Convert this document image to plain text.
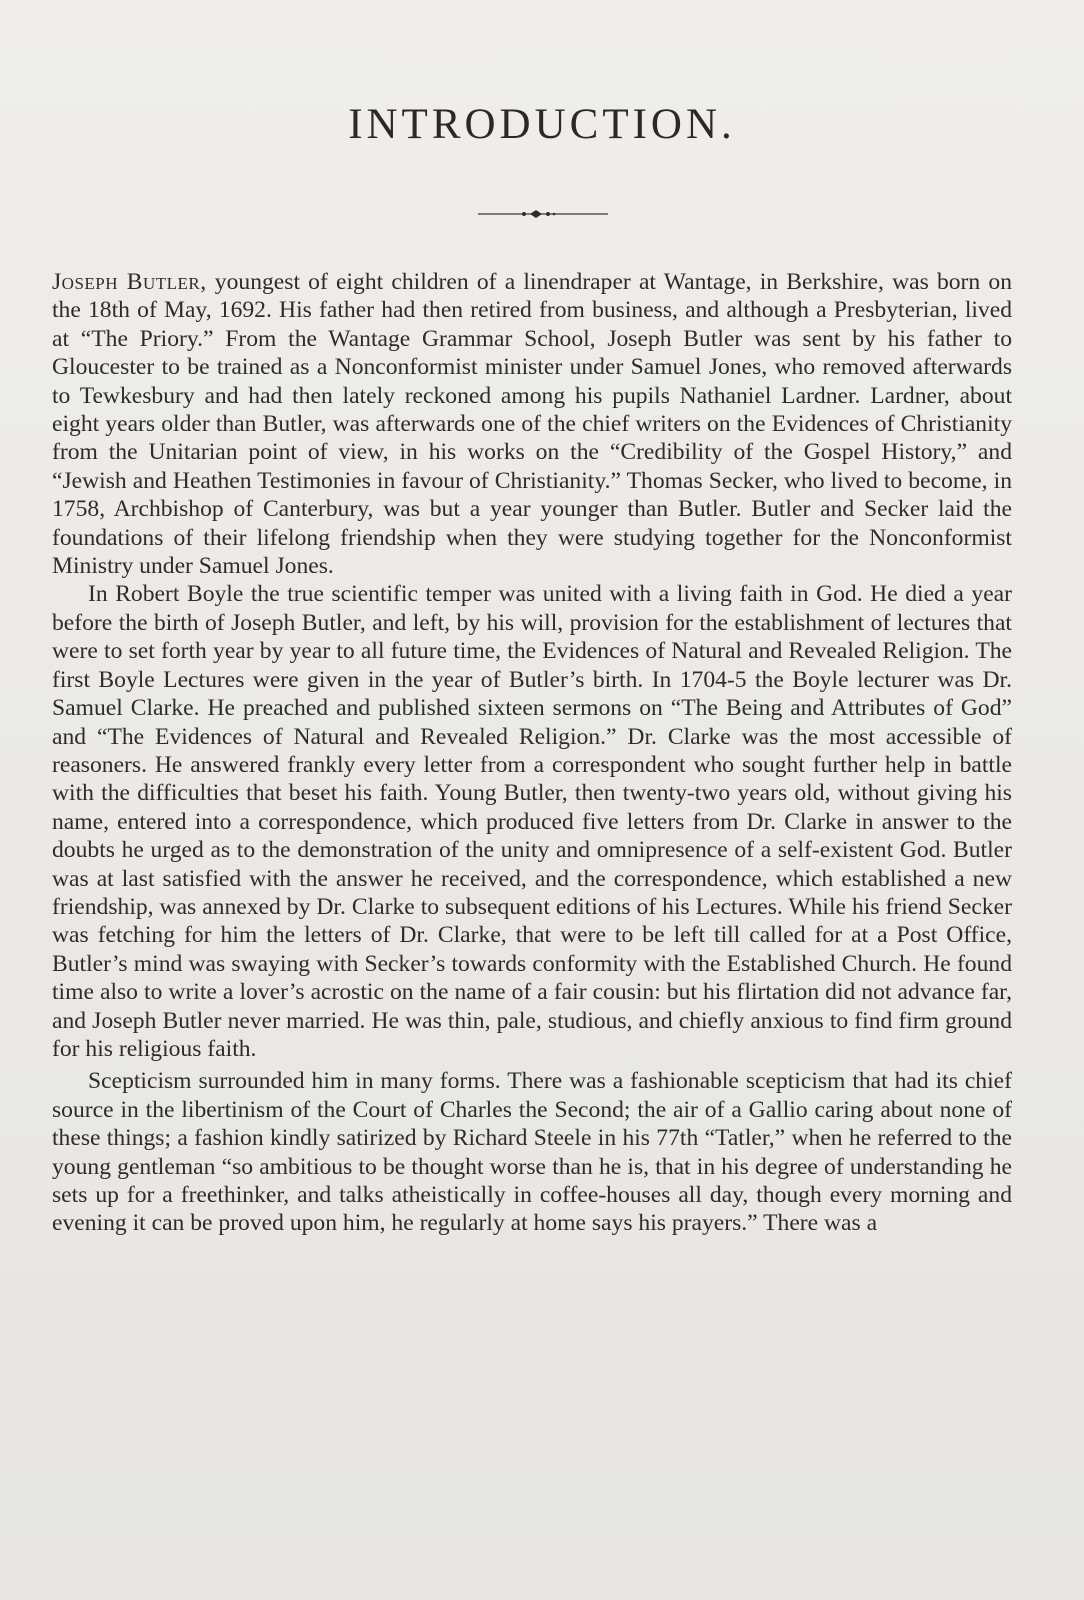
INTRODUCTION.

Joseph Butler, youngest of eight children of a linendraper at Wantage, in Berkshire, was born on the 18th of May, 1692. His father had then retired from business, and although a Presbyterian, lived at “The Priory.” From the Wantage Grammar School, Joseph Butler was sent by his father to Gloucester to be trained as a Nonconformist minister under Samuel Jones, who removed afterwards to Tewkesbury and had then lately reckoned among his pupils Nathaniel Lardner. Lardner, about eight years older than Butler, was afterwards one of the chief writers on the Evidences of Christianity from the Unitarian point of view, in his works on the “Credibility of the Gospel History,” and “Jewish and Heathen Testimonies in favour of Christianity.” Thomas Secker, who lived to become, in 1758, Archbishop of Canterbury, was but a year younger than Butler. Butler and Secker laid the foundations of their lifelong friendship when they were studying together for the Nonconformist Ministry under Samuel Jones.

In Robert Boyle the true scientific temper was united with a living faith in God. He died a year before the birth of Joseph Butler, and left, by his will, provision for the establishment of lectures that were to set forth year by year to all future time, the Evidences of Natural and Revealed Religion. The first Boyle Lectures were given in the year of Butler’s birth. In 1704-5 the Boyle lecturer was Dr. Samuel Clarke. He preached and published sixteen sermons on “The Being and Attributes of God” and “The Evidences of Natural and Revealed Religion.” Dr. Clarke was the most accessible of reasoners. He answered frankly every letter from a correspondent who sought further help in battle with the difficulties that beset his faith. Young Butler, then twenty-two years old, without giving his name, entered into a correspondence, which produced five letters from Dr. Clarke in answer to the doubts he urged as to the demonstration of the unity and omnipresence of a self-existent God. Butler was at last satisfied with the answer he received, and the correspondence, which established a new friendship, was annexed by Dr. Clarke to subsequent editions of his Lectures. While his friend Secker was fetching for him the letters of Dr. Clarke, that were to be left till called for at a Post Office, Butler’s mind was swaying with Secker’s towards conformity with the Established Church. He found time also to write a lover’s acrostic on the name of a fair cousin: but his flirtation did not advance far, and Joseph Butler never married. He was thin, pale, studious, and chiefly anxious to find firm ground for his religious faith.

Scepticism surrounded him in many forms. There was a fashionable scepticism that had its chief source in the libertinism of the Court of Charles the Second; the air of a Gallio caring about none of these things; a fashion kindly satirized by Richard Steele in his 77th “Tatler,” when he referred to the young gentleman “so ambitious to be thought worse than he is, that in his degree of understanding he sets up for a freethinker, and talks atheistically in coffee-houses all day, though every morning and evening it can be proved upon him, he regularly at home says his prayers.” There was a
